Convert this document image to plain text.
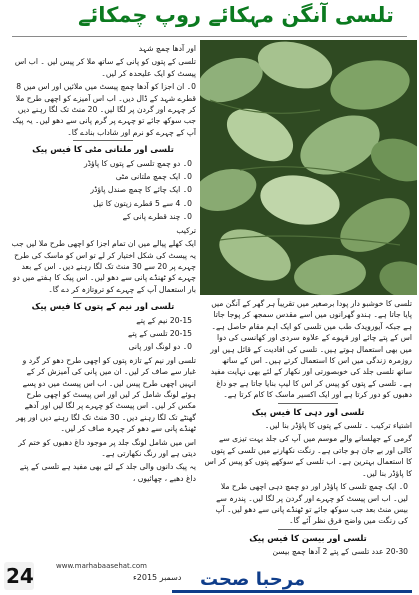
تلسی آنگن مہکائے روپ چمکائے

اور آدھا چمچ شہد

تلسی کے پتوں کو پانی کے ساتھ ملا کر پیس لیں ۔ اب اس پیسٹ کو ایک علیحدہ کر لیں۔

0۔ ان اجزا کو آدھا چمچ پیسٹ میں ملائیں اور اس میں 8 قطرے شہد کے ڈال دیں۔ اب اس آمیزے کو اچھی طرح ملا کر چہرے اور گردن پر لگا لیں۔ 20 منٹ تک لگا رہنے دیں جب سوکھ جائے تو چہرے پر گرم پانی سے دھو لیں۔ یہ پیک آپ کے چہرے کو نرم اور شاداب بنادے گا۔

تلسی اور ملتانی مٹی کا فیس پیک

0۔ دو چمچ تلسی کے پتوں کا پاؤڈر

0۔ ایک چمچ ملتانی مٹی

0۔ ایک چائے کا چمچ صندل پاؤڈر

0۔ 4 سے 5 قطرے زیتون کا تیل

0۔ چند قطرے پانی کے

ترکیب

ایک کھلے پیالے میں ان تمام اجزا کو اچھی طرح ملا لیں جب یہ پیسٹ کی شکل اختیار کر لے تو اس کو ماسک کی طرح چہرے پر 20 سے 30 منٹ تک لگا رہنے دیں۔ اس کے بعد چہرے کو ٹھنڈے پانی سے دھو لیں۔ اس پیک کا ہفتے میں دو بار استعمال آپ کے چہرے کو تروتازہ کر دے گا۔

تلسی اور نیم کے پتوں کا فیس پیک

20-15 نیم کے پتے

20-15 تلسی کے پتے

0۔ دو لونگ اور پانی

تلسی اور نیم کے تازہ پتوں کو اچھی طرح دھو کر گرد و غبار سے صاف کر لیں۔ ان میں پانی کی آمیزش کر کے انہیں اچھی طرح پیس لیں۔ اب اس پیسٹ میں دو پسے ہوئے لونگ شامل کر لیں اور اس پیسٹ کو اچھی طرح مکس کر لیں۔ اس پیسٹ کو چہرے پر لگا لیں اور آدھے گھنٹے تک لگا رہنے دیں۔ 30 منٹ تک لگا رہنے دیں اور پھر ٹھنڈے پانی سے دھو کر چہرہ صاف کر لیں۔

اس میں شامل لونگ جلد پر موجود داغ دھبوں کو ختم کر دیتی ہے اور رنگ نکھارتی ہے۔

یہ پیک دانوں والی جلد کے لئے بھی مفید ہے تلسی کے پتے داغ دھبے ، چھائیوں ،

تلسی کا خوشبو دار پودا برصغیر میں تقریباً ہر گھر کے آنگن میں پایا جاتا ہے۔ ہندو گھرانوں میں اسے مقدس سمجھ کر پوجا جاتا ہے جبکہ آیورویدک طب میں تلسی کو ایک اہم مقام حاصل ہے۔ اس کے پتے چائے اور قہوے کے علاوہ سردی اور کھانسی کی دوا میں بھی استعمال ہوتے ہیں۔ تلسی کی افادیت کے قائل ہیں اور روزمرہ زندگی میں اس کا استعمال کرتے ہیں۔ اس کے ساتھ ساتھ تلسی جلد کی خوبصورتی اور نکھار کے لئے بھی نہایت مفید ہے۔ تلسی کے پتوں کو پیس کر اس کا لیپ بنایا جاتا ہے جو داغ دھبوں کو دور کرتا ہے اور ایک اکسیر ماسک کا کام کرتا ہے۔

تلسی اور دہی کا فیس پیک

اشتیاء ترکیب ۔ تلسی کے پتوں کا پاؤڈر بنا لیں۔

گرمی کے جھلسانے والے موسم میں آپ کی جلد بہت تیزی سے کالی اور بے جان ہو جاتی ہے۔ رنگت نکھارنے میں تلسی کے پتوں کا استعمال بہترین ہے۔ اب تلسی کے سوکھے پتوں کو پیس کر اس کا پاؤڈر بنا لیں۔

0۔ ایک چمچ تلسی کا پاؤڈر اور دو چمچ دہی اچھی طرح ملا لیں۔ اب اس پیسٹ کو چہرے اور گردن پر لگا لیں۔ پندرہ سے بیس منٹ بعد جب سوکھ جائے تو ٹھنڈے پانی سے دھو لیں۔ آپ کی رنگت میں واضح فرق نظر آئے گا۔

تلسی اور بیسن کا فیس پیک

20-30 عدد تلسی کے پتے 2 آدھا چمچ بیسن

24	www.marhabaasehat.com
دسمبر 2015ء مرحبا صحت
